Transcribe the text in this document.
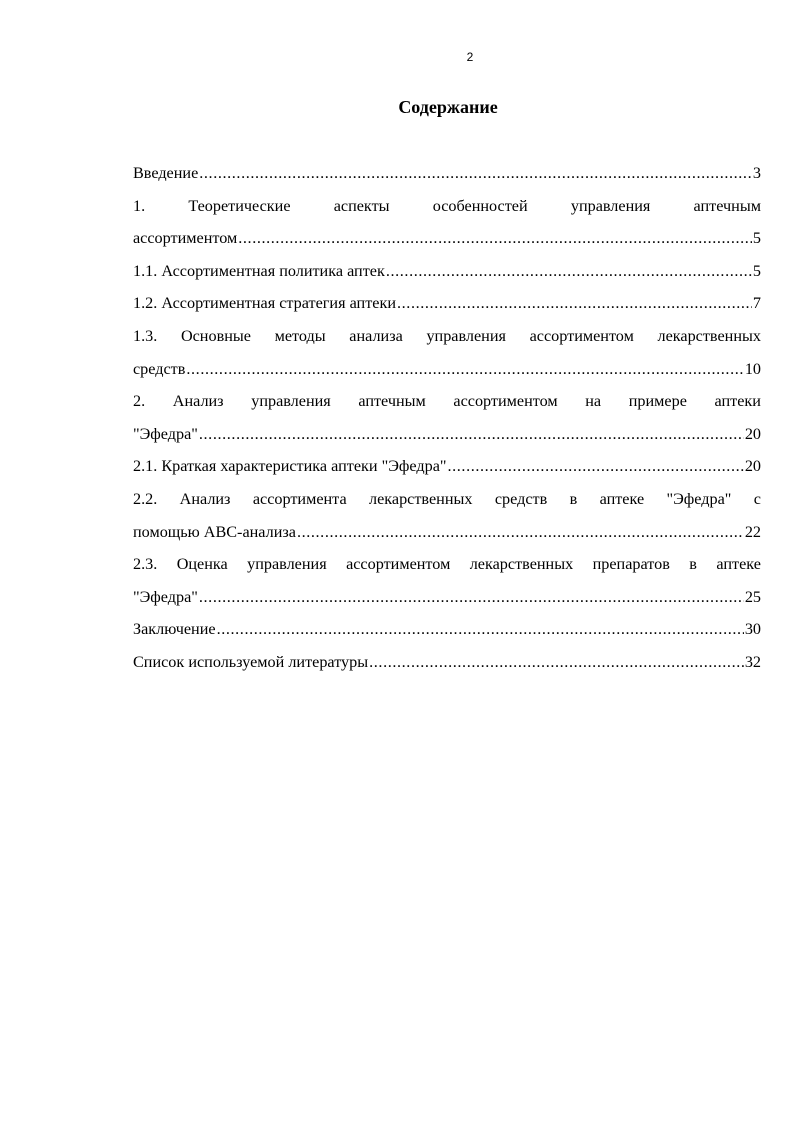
2
Содержание
Введение .....	3
1.	Теоретические	аспекты	особенностей	управления	аптечным
ассортиментом .....	5
1.1. Ассортиментная политика аптек .....	5
1.2. Ассортиментная стратегия аптеки .....	7
1.3. Основные методы анализа управления ассортиментом лекарственных
средств .....	10
2. Анализ управления аптечным ассортиментом на примере аптеки
"Эфедра" .....	20
2.1. Краткая характеристика аптеки "Эфедра" .....	20
2.2. Анализ ассортимента лекарственных средств в аптеке "Эфедра" с
помощью ABC-анализа .....	22
2.3. Оценка управления ассортиментом лекарственных препаратов в аптеке
"Эфедра" .....	25
Заключение .....	30
Список используемой литературы .....	32
